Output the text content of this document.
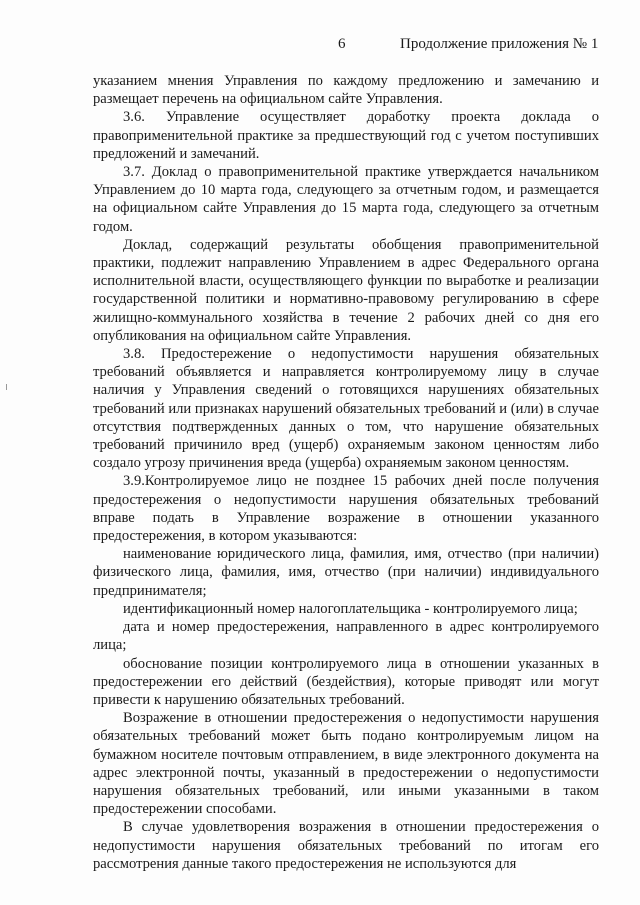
6	Продолжение приложения № 1

указанием мнения Управления по каждому предложению и замечанию и размещает перечень на официальном сайте Управления.

3.6. Управление осуществляет доработку проекта доклада о правоприменительной практике за предшествующий год с учетом поступивших предложений и замечаний.

3.7. Доклад о правоприменительной практике утверждается начальником Управлением до 10 марта года, следующего за отчетным годом, и размещается на официальном сайте Управления до 15 марта года, следующего за отчетным годом.

Доклад, содержащий результаты обобщения правоприменительной практики, подлежит направлению Управлением в адрес Федерального органа исполнительной власти, осуществляющего функции по выработке и реализации государственной политики и нормативно-правовому регулированию в сфере жилищно-коммунального хозяйства в течение 2 рабочих дней со дня его опубликования на официальном сайте Управления.

3.8. Предостережение о недопустимости нарушения обязательных требований объявляется и направляется контролируемому лицу в случае наличия у Управления сведений о готовящихся нарушениях обязательных требований или признаках нарушений обязательных требований и (или) в случае отсутствия подтвержденных данных о том, что нарушение обязательных требований причинило вред (ущерб) охраняемым законом ценностям либо создало угрозу причинения вреда (ущерба) охраняемым законом ценностям.

3.9.Контролируемое лицо не позднее 15 рабочих дней после получения предостережения о недопустимости нарушения обязательных требований вправе подать в Управление возражение в отношении указанного предостережения, в котором указываются:

наименование юридического лица, фамилия, имя, отчество (при наличии) физического лица, фамилия, имя, отчество (при наличии) индивидуального предпринимателя;

идентификационный номер налогоплательщика - контролируемого лица;

дата и номер предостережения, направленного в адрес контролируемого лица;

обоснование позиции контролируемого лица в отношении указанных в предостережении его действий (бездействия), которые приводят или могут привести к нарушению обязательных требований.

Возражение в отношении предостережения о недопустимости нарушения обязательных требований может быть подано контролируемым лицом на бумажном носителе почтовым отправлением, в виде электронного документа на адрес электронной почты, указанный в предостережении о недопустимости нарушения обязательных требований, или иными указанными в таком предостережении способами.

В случае удовлетворения возражения в отношении предостережения о недопустимости нарушения обязательных требований по итогам его рассмотрения данные такого предостережения не используются для
